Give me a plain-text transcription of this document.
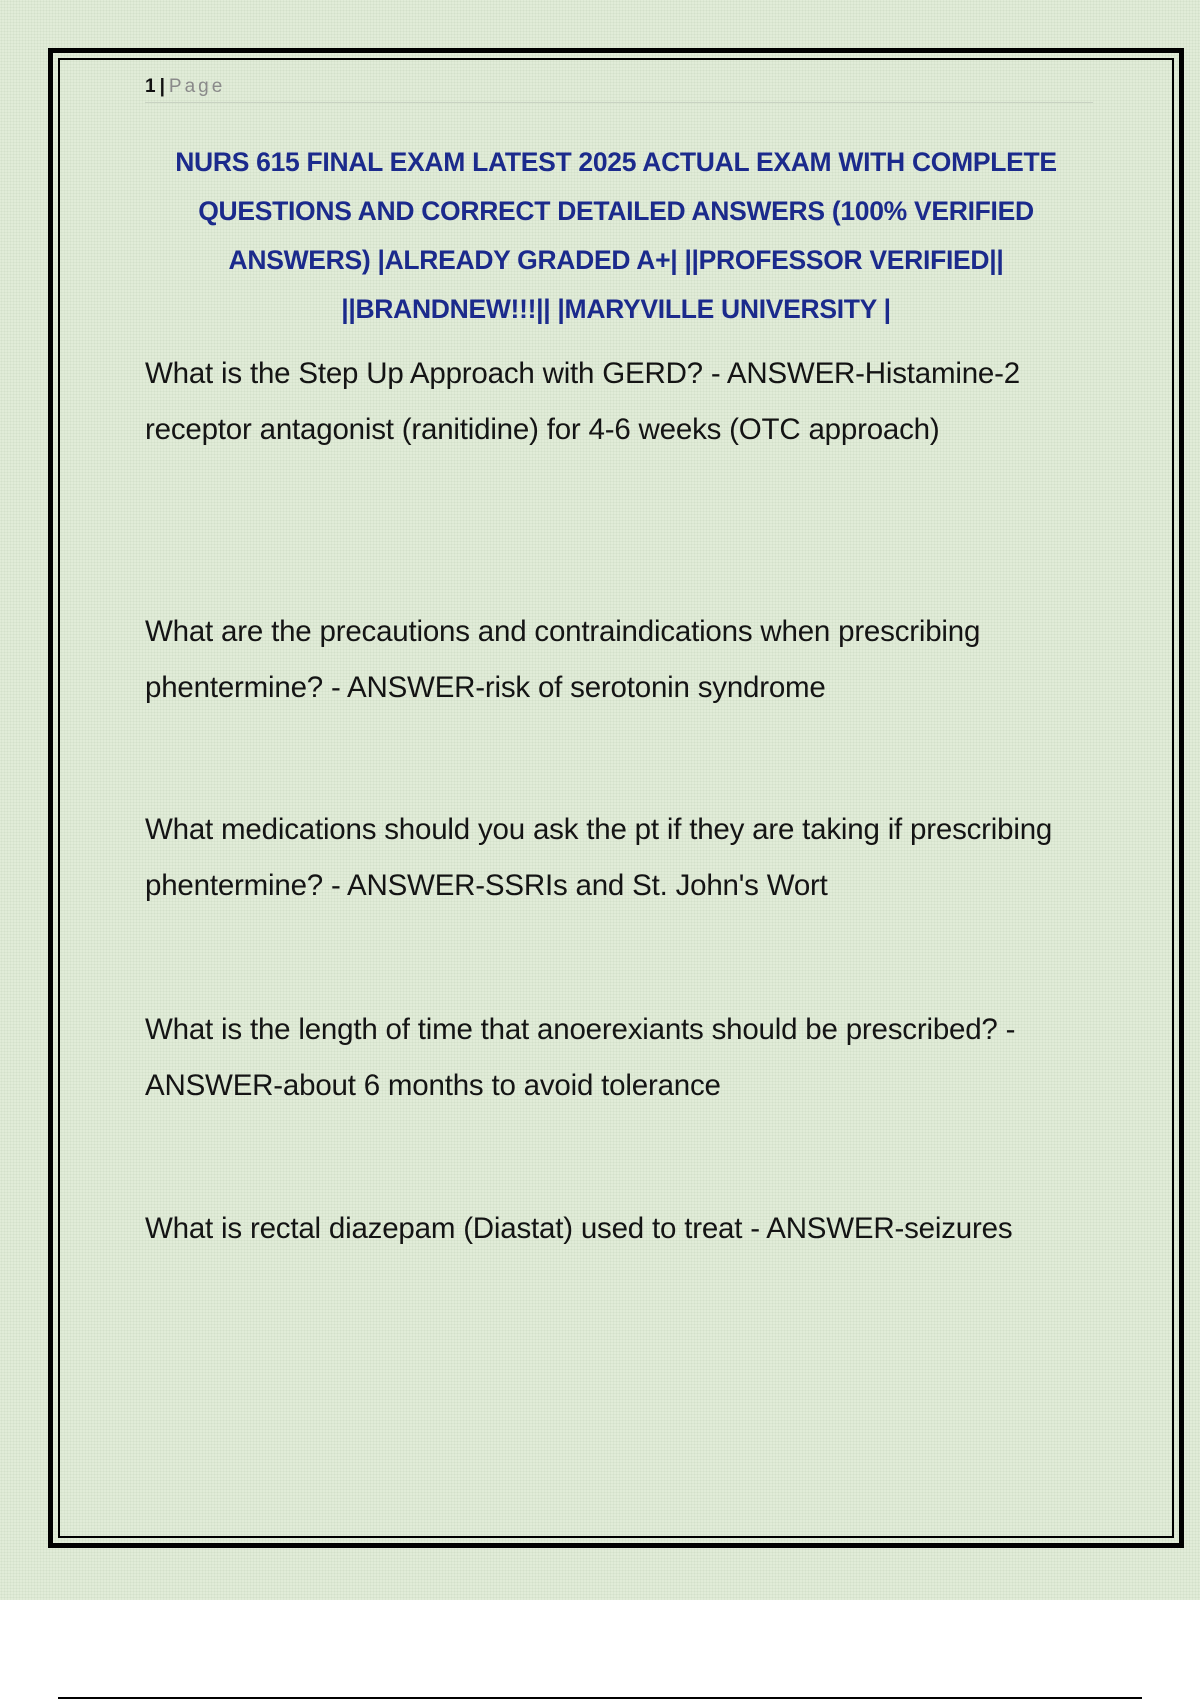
1 | Page
NURS 615 FINAL EXAM LATEST 2025 ACTUAL EXAM WITH COMPLETE QUESTIONS AND CORRECT DETAILED ANSWERS (100% VERIFIED ANSWERS) |ALREADY GRADED A+| ||PROFESSOR VERIFIED|| ||BRANDNEW!!!|| |MARYVILLE UNIVERSITY |

What is the Step Up Approach with GERD? - ANSWER-Histamine-2 receptor antagonist (ranitidine) for 4-6 weeks (OTC approach)

What are the precautions and contraindications when prescribing phentermine? - ANSWER-risk of serotonin syndrome

What medications should you ask the pt if they are taking if prescribing phentermine? - ANSWER-SSRIs and St. John's Wort

What is the length of time that anoerexiants should be prescribed? - ANSWER-about 6 months to avoid tolerance

What is rectal diazepam (Diastat) used to treat - ANSWER-seizures
